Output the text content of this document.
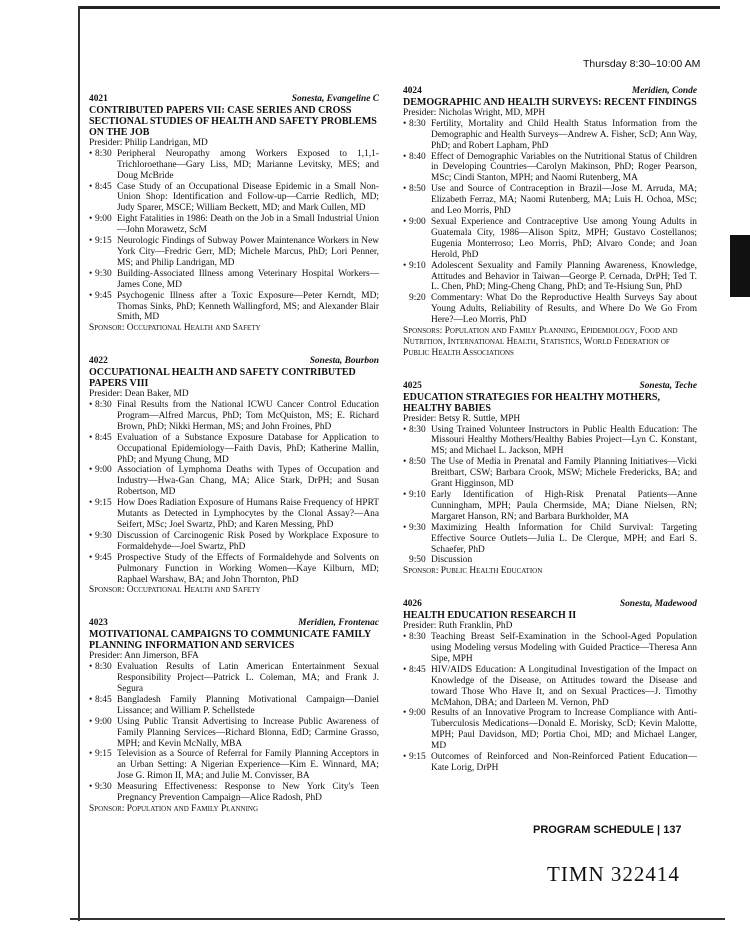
Thursday 8:30–10:00 AM
4021	Sonesta, Evangeline C
CONTRIBUTED PAPERS VII: CASE SERIES AND CROSS SECTIONAL STUDIES OF HEALTH AND SAFETY PROBLEMS ON THE JOB
Presider: Philip Landrigan, MD
• 8:30 Peripheral Neuropathy among Workers Exposed to 1,1,1-Trichloroethane—Gary Liss, MD; Marianne Levitsky, MES; and Doug McBride
• 8:45 Case Study of an Occupational Disease Epidemic in a Small Non-Union Shop: Identification and Follow-up—Carrie Redlich, MD; Judy Sparer, MSCE; William Beckett, MD; and Mark Cullen, MD
• 9:00 Eight Fatalities in 1986: Death on the Job in a Small Industrial Union—John Morawetz, ScM
• 9:15 Neurologic Findings of Subway Power Maintenance Workers in New York City—Fredric Gerr, MD; Michele Marcus, PhD; Lori Penner, MS; and Philip Landrigan, MD
• 9:30 Building-Associated Illness among Veterinary Hospital Workers—James Cone, MD
• 9:45 Psychogenic Illness after a Toxic Exposure—Peter Kerndt, MD; Thomas Sinks, PhD; Kenneth Wallingford, MS; and Alexander Blair Smith, MD
Sponsor: Occupational Health and Safety
4022	Sonesta, Bourbon
OCCUPATIONAL HEALTH AND SAFETY CONTRIBUTED PAPERS VIII
Presider: Dean Baker, MD
• 8:30 Final Results from the National ICWU Cancer Control Education Program—Alfred Marcus, PhD; Tom McQuiston, MS; E. Richard Brown, PhD; Nikki Herman, MS; and John Froines, PhD
• 8:45 Evaluation of a Substance Exposure Database for Application to Occupational Epidemiology—Faith Davis, PhD; Katherine Mallin, PhD; and Myung Chung, MD
• 9:00 Association of Lymphoma Deaths with Types of Occupation and Industry—Hwa-Gan Chang, MA; Alice Stark, DrPH; and Susan Robertson, MD
• 9:15 How Does Radiation Exposure of Humans Raise Frequency of HPRT Mutants as Detected in Lymphocytes by the Clonal Assay?—Ana Seifert, MSc; Joel Swartz, PhD; and Karen Messing, PhD
• 9:30 Discussion of Carcinogenic Risk Posed by Workplace Exposure to Formaldehyde—Joel Swartz, PhD
• 9:45 Prospective Study of the Effects of Formaldehyde and Solvents on Pulmonary Function in Working Women—Kaye Kilburn, MD; Raphael Warshaw, BA; and John Thornton, PhD
Sponsor: Occupational Health and Safety
4023	Meridien, Frontenac
MOTIVATIONAL CAMPAIGNS TO COMMUNICATE FAMILY PLANNING INFORMATION AND SERVICES
Presider: Ann Jimerson, BFA
• 8:30 Evaluation Results of Latin American Entertainment Sexual Responsibility Project—Patrick L. Coleman, MA; and Frank J. Segura
• 8:45 Bangladesh Family Planning Motivational Campaign—Daniel Lissance; and William P. Schellstede
• 9:00 Using Public Transit Advertising to Increase Public Awareness of Family Planning Services—Richard Blonna, EdD; Carmine Grasso, MPH; and Kevin McNally, MBA
• 9:15 Television as a Source of Referral for Family Planning Acceptors in an Urban Setting: A Nigerian Experience—Kim E. Winnard, MA; Jose G. Rimon II, MA; and Julie M. Convisser, BA
• 9:30 Measuring Effectiveness: Response to New York City's Teen Pregnancy Prevention Campaign—Alice Radosh, PhD
Sponsor: Population and Family Planning
4024	Meridien, Conde
DEMOGRAPHIC AND HEALTH SURVEYS: RECENT FINDINGS
Presider: Nicholas Wright, MD, MPH
• 8:30 Fertility, Mortality and Child Health Status Information from the Demographic and Health Surveys—Andrew A. Fisher, ScD; Ann Way, PhD; and Robert Lapham, PhD
• 8:40 Effect of Demographic Variables on the Nutritional Status of Children in Developing Countries—Carolyn Makinson, PhD; Roger Pearson, MSc; Cindi Stanton, MPH; and Naomi Rutenberg, MA
• 8:50 Use and Source of Contraception in Brazil—Jose M. Arruda, MA; Elizabeth Ferraz, MA; Naomi Rutenberg, MA; Luis H. Ochoa, MSc; and Leo Morris, PhD
• 9:00 Sexual Experience and Contraceptive Use among Young Adults in Guatemala City, 1986—Alison Spitz, MPH; Gustavo Costellanos; Eugenia Monterroso; Leo Morris, PhD; Alvaro Conde; and Joan Herold, PhD
• 9:10 Adolescent Sexuality and Family Planning Awareness, Knowledge, Attitudes and Behavior in Taiwan—George P. Cernada, DrPH; Ted T. L. Chen, PhD; Ming-Cheng Chang, PhD; and Te-Hsiung Sun, PhD
9:20 Commentary: What Do the Reproductive Health Surveys Say about Young Adults, Reliability of Results, and Where Do We Go From Here?—Leo Morris, PhD
Sponsors: Population and Family Planning, Epidemiology, Food and Nutrition, International Health, Statistics, World Federation of Public Health Associations
4025	Sonesta, Teche
EDUCATION STRATEGIES FOR HEALTHY MOTHERS, HEALTHY BABIES
Presider: Betsy R. Suttle, MPH
• 8:30 Using Trained Volunteer Instructors in Public Health Education: The Missouri Healthy Mothers/Healthy Babies Project—Lyn C. Konstant, MS; and Michael L. Jackson, MPH
• 8:50 The Use of Media in Prenatal and Family Planning Initiatives—Vicki Breitbart, CSW; Barbara Crook, MSW; Michele Fredericks, BA; and Grant Higginson, MD
• 9:10 Early Identification of High-Risk Prenatal Patients—Anne Cunningham, MPH; Paula Chermside, MA; Diane Nielsen, RN; Margaret Hanson, RN; and Barbara Burkholder, MA
• 9:30 Maximizing Health Information for Child Survival: Targeting Effective Source Outlets—Julia L. De Clerque, MPH; and Earl S. Schaefer, PhD
9:50 Discussion
Sponsor: Public Health Education
4026	Sonesta, Madewood
HEALTH EDUCATION RESEARCH II
Presider: Ruth Franklin, PhD
• 8:30 Teaching Breast Self-Examination in the School-Aged Population using Modeling versus Modeling with Guided Practice—Theresa Ann Sipe, MPH
• 8:45 HIV/AIDS Education: A Longitudinal Investigation of the Impact on Knowledge of the Disease, on Attitudes toward the Disease and toward Those Who Have It, and on Sexual Practices—J. Timothy McMahon, DBA; and Darleen M. Vernon, PhD
• 9:00 Results of an Innovative Program to Increase Compliance with Anti-Tuberculosis Medications—Donald E. Morisky, ScD; Kevin Malotte, MPH; Paul Davidson, MD; Portia Choi, MD; and Michael Langer, MD
• 9:15 Outcomes of Reinforced and Non-Reinforced Patient Education—Kate Lorig, DrPH
PROGRAM SCHEDULE | 137
TIMN 322414
